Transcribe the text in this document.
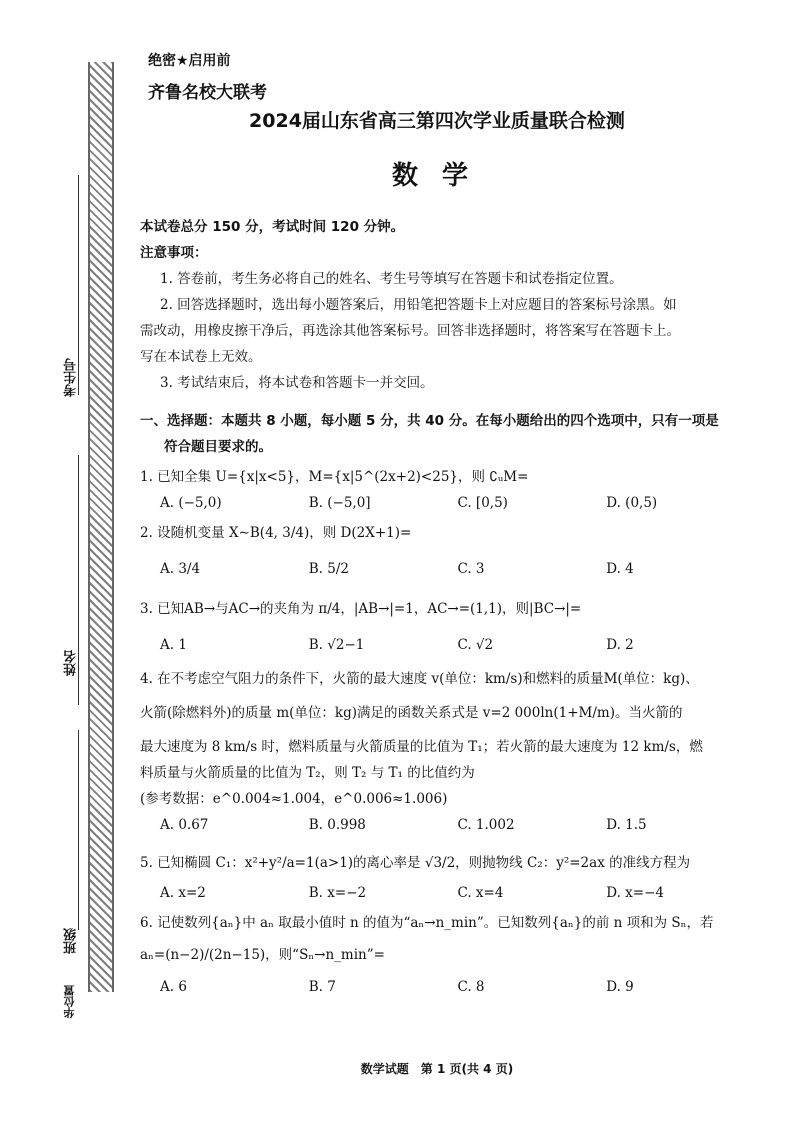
考生号
姓名
班级
华位置
绝密★启用前
齐鲁名校大联考
2024届山东省高三第四次学业质量联合检测
数学

本试卷总分 150 分，考试时间 120 分钟。

注意事项：

1. 答卷前，考生务必将自己的姓名、考生号等填写在答题卡和试卷指定位置。

2. 回答选择题时，选出每小题答案后，用铅笔把答题卡上对应题目的答案标号涂黑。如

需改动，用橡皮擦干净后，再选涂其他答案标号。回答非选择题时，将答案写在答题卡上。

写在本试卷上无效。

3. 考试结束后，将本试卷和答题卡一并交回。

一、选择题：本题共 8 小题，每小题 5 分，共 40 分。在每小题给出的四个选项中，只有一项是

符合题目要求的。

1. 已知全集 U={x|x<5}，M={x|5^(2x+2)<25}，则 ∁ᵤM=

A. (−5,0)	B. (−5,0]	C. [0,5)	D. (0,5)

2. 设随机变量 X∼B(4, 3/4)，则 D(2X+1)=

A. 3/4	B. 5/2	C. 3	D. 4

3. 已知AB→与AC→的夹角为 π/4，|AB→|=1，AC→=(1,1)，则|BC→|=

A. 1	B. √2−1	C. √2	D. 2

4. 在不考虑空气阻力的条件下，火箭的最大速度 v(单位：km/s)和燃料的质量M(单位：kg)、

火箭(除燃料外)的质量 m(单位：kg)满足的函数关系式是 v=2 000ln(1+M/m)。当火箭的

最大速度为 8 km/s 时，燃料质量与火箭质量的比值为 T₁；若火箭的最大速度为 12 km/s，燃

料质量与火箭质量的比值为 T₂，则 T₂ 与 T₁ 的比值约为

(参考数据：e^0.004≈1.004，e^0.006≈1.006)

A. 0.67	B. 0.998	C. 1.002	D. 1.5

5. 已知椭圆 C₁：x²+y²/a=1(a>1)的离心率是 √3/2，则抛物线 C₂：y²=2ax 的准线方程为

A. x=2	B. x=−2	C. x=4	D. x=−4

6. 记使数列{aₙ}中 aₙ 取最小值时 n 的值为“aₙ→n_min”。已知数列{aₙ}的前 n 项和为 Sₙ，若

aₙ=(n−2)/(2n−15)，则“Sₙ→n_min”=

A. 6	B. 7	C. 8	D. 9
数学试题　第 1 页(共 4 页)
